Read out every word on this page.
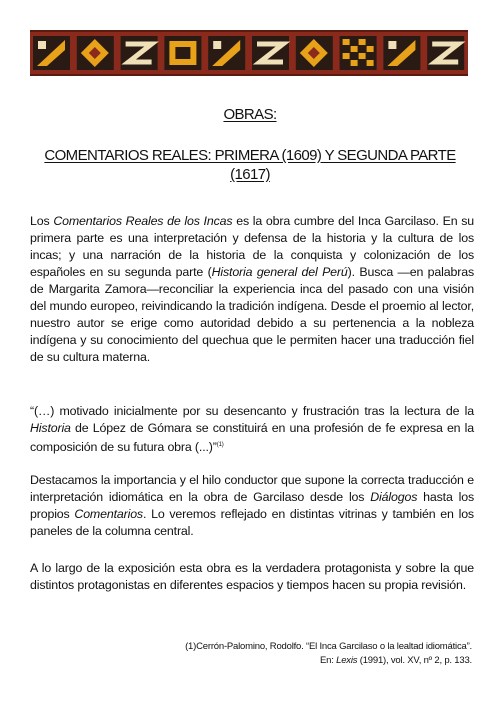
OBRAS:
COMENTARIOS REALES: PRIMERA (1609) Y SEGUNDA PARTE (1617)

Los Comentarios Reales de los Incas es la obra cumbre del Inca Garcilaso. En su primera parte es una interpretación y defensa de la historia y la cultura de los incas; y una narración de la historia de la conquista y colonización de los españoles en su segunda parte (Historia general del Perú). Busca —en palabras de Margarita Zamora—reconciliar la experiencia inca del pasado con una visión del mundo europeo, reivindicando la tradición indígena. Desde el proemio al lector, nuestro autor se erige como autoridad debido a su pertenencia a la nobleza indígena y su conocimiento del quechua que le permiten hacer una traducción fiel de su cultura materna.

“(…) motivado inicialmente por su desencanto y frustración tras la lectura de la Historia de López de Gómara se constituirá en una profesión de fe expresa en la composición de su futura obra (...)”$^{(1)}$

Destacamos la importancia y el hilo conductor que supone la correcta traducción e interpretación idiomática en la obra de Garcilaso desde los Diálogos hasta los propios Comentarios. Lo veremos reflejado en distintas vitrinas y también en los paneles de la columna central.

A lo largo de la exposición esta obra es la verdadera protagonista y sobre la que distintos protagonistas en diferentes espacios y tiempos hacen su propia revisión.

(1)Cerrón-Palomino, Rodolfo. “El Inca Garcilaso o la lealtad idiomática”. En: Lexis (1991), vol. XV, nº 2, p. 133.
